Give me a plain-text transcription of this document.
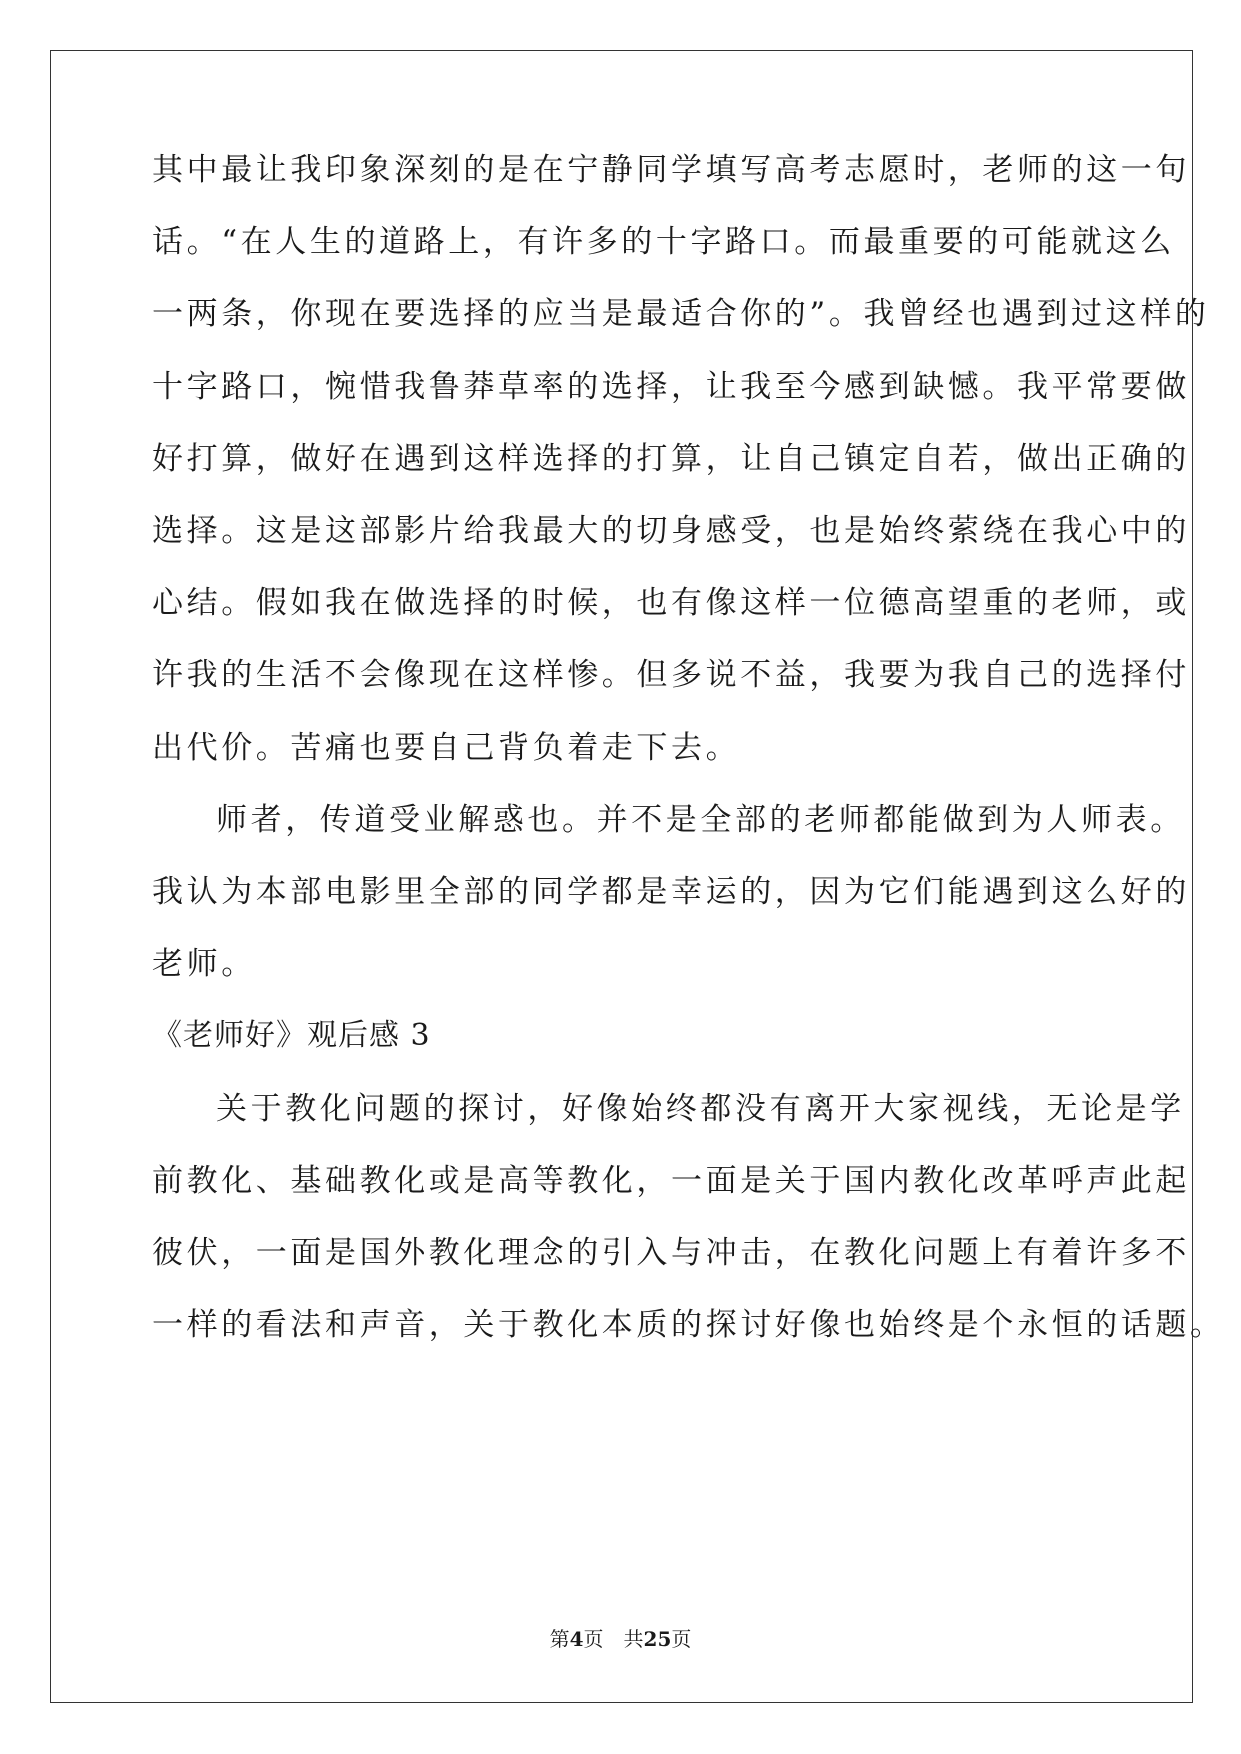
其中最让我印象深刻的是在宁静同学填写高考志愿时，老师的这一句
话。“在人生的道路上，有许多的十字路口。而最重要的可能就这么
一两条，你现在要选择的应当是最适合你的”。我曾经也遇到过这样的
十字路口，惋惜我鲁莽草率的选择，让我至今感到缺憾。我平常要做
好打算，做好在遇到这样选择的打算，让自己镇定自若，做出正确的
选择。这是这部影片给我最大的切身感受，也是始终萦绕在我心中的
心结。假如我在做选择的时候，也有像这样一位德高望重的老师，或
许我的生活不会像现在这样惨。但多说不益，我要为我自己的选择付
出代价。苦痛也要自己背负着走下去。
师者，传道受业解惑也。并不是全部的老师都能做到为人师表。
我认为本部电影里全部的同学都是幸运的，因为它们能遇到这么好的
老师。
《老师好》观后感 3
关于教化问题的探讨，好像始终都没有离开大家视线，无论是学
前教化、基础教化或是高等教化，一面是关于国内教化改革呼声此起
彼伏，一面是国外教化理念的引入与冲击，在教化问题上有着许多不
一样的看法和声音，关于教化本质的探讨好像也始终是个永恒的话题。
第4页　共25页
